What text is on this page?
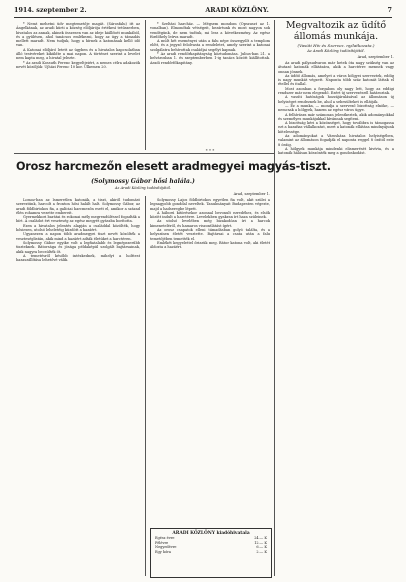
1914. szeptember 2.	ARADI KÖZLÖNY.	7

* Nemt mehetni üdv megtemetője magát. (Sárosfalu) itt az Ángelkának, az aradi kürti a község elöljárója értékesí tetűszerben, hivatalos az annak, akinek összesen van az ideje kiállított munkából, és a gyűlésen, ahol tanácsos emlékezni, hogy az ügy a támadás mellett maradt. Nem tudjuk, hogy a hírnek a katonának kellő idő van.

A Katonai elöljáró letett az ügyben és a hivatalos kapcsolatban álló testvéreket kiküldte a mai napon. A történet szerint a levelet nem kapta meg, a hivatal jelezte.

* Az aradi Kossuth Ferenc kegyeltjeiért, a nemes célra adakozók nevét közöljük: Ujházi Ferenc 10 kor. Ulkemen 20.

* Szeltási harcház. — Mégsem mondom (Opszuszt az 1. vonalban). Elmondtak vétségeit, hezártunk és most nagyon sok vendégünk, de nem tudtuk, mi lesz a következmény. Az egész fürdőhely leírva maradt.

A múlt hét eseményei után a falu népe összegyűlt a templom előtt, és a jegyző felolvasta a rendeletet, amely szerint a katonai szolgálatra behívottak családjai segélyt kapnak.

* Az aradi rendőrkapitányság köztudomása. Julius-ban 21. a belvárosban 1. és szeptemberben 1-ig tanács között kiállítottak. Aradi rendőrfőkapitány.

Orosz harcmezőn elesett aradmegyei magyás-tiszt.
(Solymossy Gábor hősi halála.)
Az Aradi Közlöny tudósítójától.
Arad, szeptember 1.

Lomoz-ban az Ismeretlen katonák, a tiszt, akiről tudomást szereztünk, harcolt a fronton hősi halált halt. Solymossy Gábor, az aradi földbirtokos fia, a galíciai harcmezőn esett el, amikor a század élén rohamra vezette embereit.

Gyermekkori barátai és rokonai mély megrendüléssel fogadták a hírt. A családot ért veszteség az egész megyét gyászba borította.

Ezen a hivatalos jelentés alapján a családdal közölték, hogy hősiesen, utolsó leheletéig küzdött a hazáért.

Ugyanezen a napon több aradmegyei tiszt nevét közölték a veszteséglistán, akik mind a hazáért adták életüket a harctéren.

Solymossy Gábor egyike volt a legfiatalabb és legnépszerűbb tiszteknek. Bátorsága és jósága példaképül szolgált bajtársainak, akik nagyra becsülték őt.

A temetésről később intézkednek, mihelyt a holttest hazaszállítása lehetővé válik.

Solymossy Lajos földbirtokos egyetlen fia volt, akit szülei a legnagyobb gonddal neveltek. Tanulmányait Budapesten végezte, majd a hadseregbe lépett.

A háború kitörésekor azonnal bevonult ezredéhez, és elsők között indult a harctérre. Levelekben gyakran írt haza szüleinek.

Az utolsó levelében még bizakodóan írt a harcok kimeneteléről, és hamaros viszontlátást ígért.

Az orosz csapatok elleni támadásban golyó találta, és a helyszínen életét vesztette. Bajtársai a csata után a falu temetőjében temették el.

Emlékét kegyelettel őrizzük meg. Bátor katona volt, aki életét áldozta a hazáért.

ARADI KÖZLÖNY kiadóhivatala
Egész évre	24.— K
Félévre	12.— K
Negyedévre	6.— K
Egy hóra	2.— K
Megvaltozik az üdítő állomás munkája.
(Vasúti Hív és Szervez. nyilatkozata.)
Az Aradi Közlöny tudósítójától.
Arad, szeptember 1.

Az aradi pályaudvaron már hetek óta nagy szükség van az átutazó katonák ellátására, akik a harctérre mennek vagy onnan jönnek.

Az üdítő állomás, amelyet a város hölgyei szerveztek, eddig is nagy munkát végzett. Naponta több száz katonát láttak el étellel és itallal.

Most azonban a forgalom oly nagy lett, hogy az eddigi rendszer már nem elegendő. Ezért új szervezésről határoztak.

A vasúti hatóságok hozzájárulásával az állomáson új helyiséget rendeznek be, ahol a sebesülteket is ellátják.

— Ez a munka, — mondja a szervező bizottság elnöke, — nemcsak a hölgyek, hanem az egész város ügye.

A felhívásra már számosan jelentkeztek, akik adományokkal és személyes munkájukkal kívánnak segíteni.

A bizottság kéri a közönséget, hogy továbbra is támogassa ezt a hazafias vállalkozást, mert a katonák ellátása mindnyájunk kötelessége.

Az adományokat a Városháza hivatalos helyiségében, valamint az állomáson fogadják el naponta reggel 8 órától este 8 óráig.

A hölgyek munkája mindenki elismerését kivívta, és a katonák hálásan köszönték meg a gondoskodást.

* * *
